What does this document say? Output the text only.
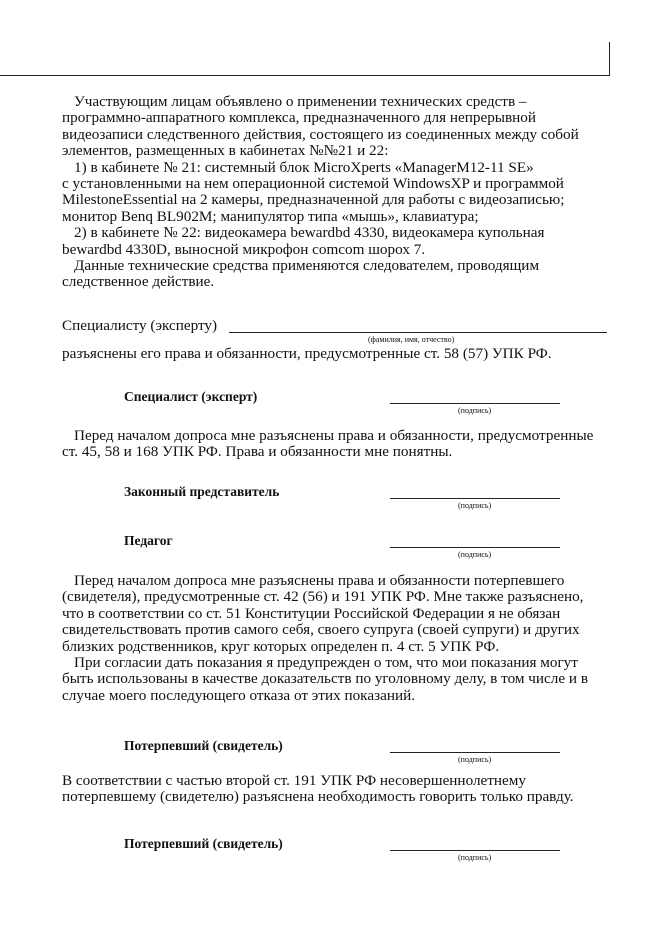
Участвующим лицам объявлено о применении технических средств –
программно-аппаратного комплекса, предназначенного для непрерывной
видеозаписи следственного действия, состоящего из соединенных между собой
элементов, размещенных в кабинетах №№21 и 22:
1) в кабинете № 21: системный блок MicroXperts «ManagerM12-11 SE»
с установленными на нем операционной системой WindowsXP и программой
MilestoneEssential на 2 камеры, предназначенной для работы с видеозаписью;
монитор Benq BL902M; манипулятор типа «мышь», клавиатура;
2) в кабинете № 22: видеокамера bewardbd 4330, видеокамера купольная
bewardbd 4330D, выносной микрофон comcom шорох 7.
Данные технические средства применяются следователем, проводящим
следственное действие.
Специалисту (эксперту)
(фамилия, имя, отчество)
разъяснены его права и обязанности, предусмотренные ст. 58 (57) УПК РФ.
Специалист (эксперт)
(подпись)
Перед началом допроса мне разъяснены права и обязанности, предусмотренные
ст. 45, 58 и 168 УПК РФ. Права и обязанности мне понятны.
Законный представитель
(подпись)
Педагог
(подпись)
Перед началом допроса мне разъяснены права и обязанности потерпевшего
(свидетеля), предусмотренные ст. 42 (56) и 191 УПК РФ. Мне также разъяснено,
что в соответствии со ст. 51 Конституции Российской Федерации я не обязан
свидетельствовать против самого себя, своего супруга (своей супруги) и других
близких родственников, круг которых определен п. 4 ст. 5 УПК РФ.
При согласии дать показания я предупрежден о том, что мои показания могут
быть использованы в качестве доказательств по уголовному делу, в том числе и в
случае моего последующего отказа от этих показаний.
Потерпевший (свидетель)
(подпись)
В соответствии с частью второй ст. 191 УПК РФ несовершеннолетнему
потерпевшему (свидетелю) разъяснена необходимость говорить только правду.
Потерпевший (свидетель)
(подпись)
